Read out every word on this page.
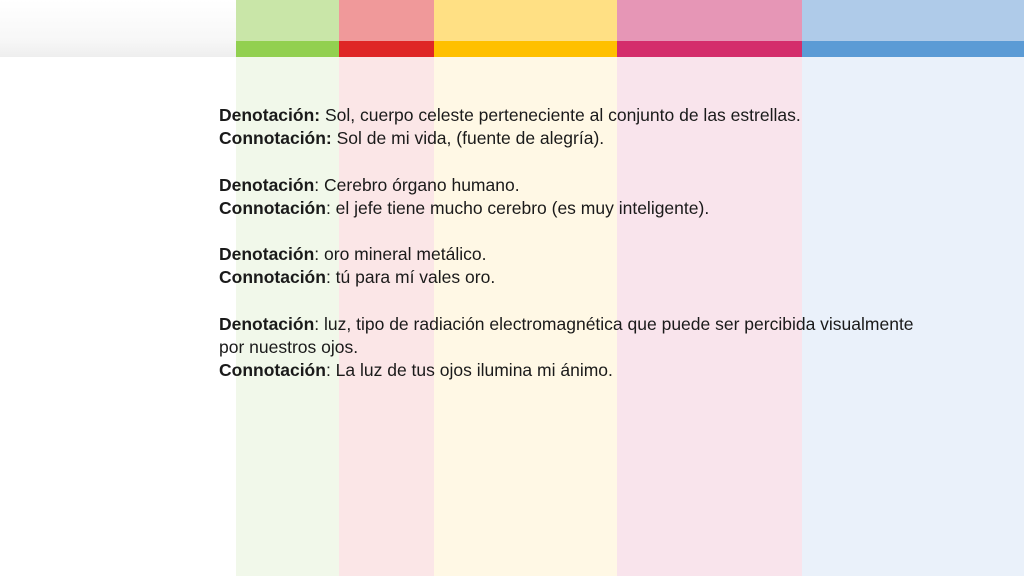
Denotación: Sol, cuerpo celeste perteneciente al conjunto de las estrellas.
Connotación: Sol de mi vida, (fuente de alegría).
Denotación: Cerebro órgano humano.
Connotación: el jefe tiene mucho cerebro (es muy inteligente).
Denotación: oro mineral metálico.
Connotación: tú para mí vales oro.
Denotación: luz, tipo de radiación electromagnética que puede ser percibida visualmente por nuestros ojos.
Connotación: La luz de tus ojos ilumina mi ánimo.
